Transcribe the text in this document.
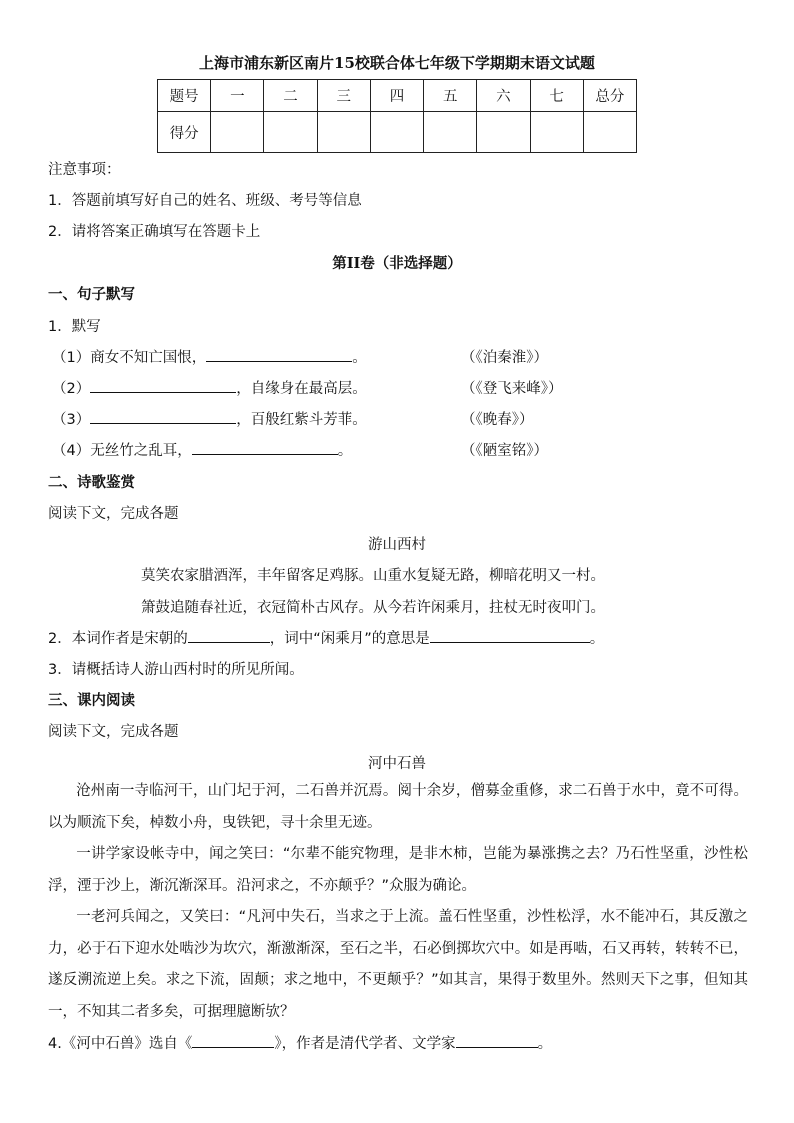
上海市浦东新区南片15校联合体七年级下学期期末语文试题
题号	一	二	三	四	五	六	七	总分
得分								
注意事项：
1．答题前填写好自己的姓名、班级、考号等信息
2．请将答案正确填写在答题卡上
第II卷（非选择题）
一、句子默写
1．默写
（1）商女不知亡国恨，	。	（《泊秦淮》）
（2）	，自缘身在最高层。	（《登飞来峰》）
（3）	，百般红紫斗芳菲。	（《晚春》）
（4）无丝竹之乱耳，	。	（《陋室铭》）
二、诗歌鉴赏
阅读下文，完成各题
游山西村
莫笑农家腊酒浑，丰年留客足鸡豚。山重水复疑无路，柳暗花明又一村。
箫鼓追随春社近，衣冠简朴古风存。从今若许闲乘月，拄杖无时夜叩门。
2．本词作者是宋朝的	，词中“闲乘月”的意思是	。
3．请概括诗人游山西村时的所见所闻。
三、课内阅读
阅读下文，完成各题
河中石兽
沧州南一寺临河干，山门圮于河，二石兽并沉焉。阅十余岁，僧募金重修，求二石兽于水中，竟不可得。以为顺流下矣，棹数小舟，曳铁钯，寻十余里无迹。
一讲学家设帐寺中，闻之笑曰：“尔辈不能究物理，是非木柿，岂能为暴涨携之去？乃石性坚重，沙性松浮，湮于沙上，渐沉渐深耳。沿河求之，不亦颠乎？”众服为确论。
一老河兵闻之，又笑曰：“凡河中失石，当求之于上流。盖石性坚重，沙性松浮，水不能冲石，其反激之力，必于石下迎水处啮沙为坎穴，渐激渐深，至石之半，石必倒掷坎穴中。如是再啮，石又再转，转转不已，遂反溯流逆上矣。求之下流，固颠；求之地中，不更颠乎？”如其言，果得于数里外。然则天下之事，但知其一，不知其二者多矣，可据理臆断欤？
4.《河中石兽》选自《	》，作者是清代学者、文学家	。
